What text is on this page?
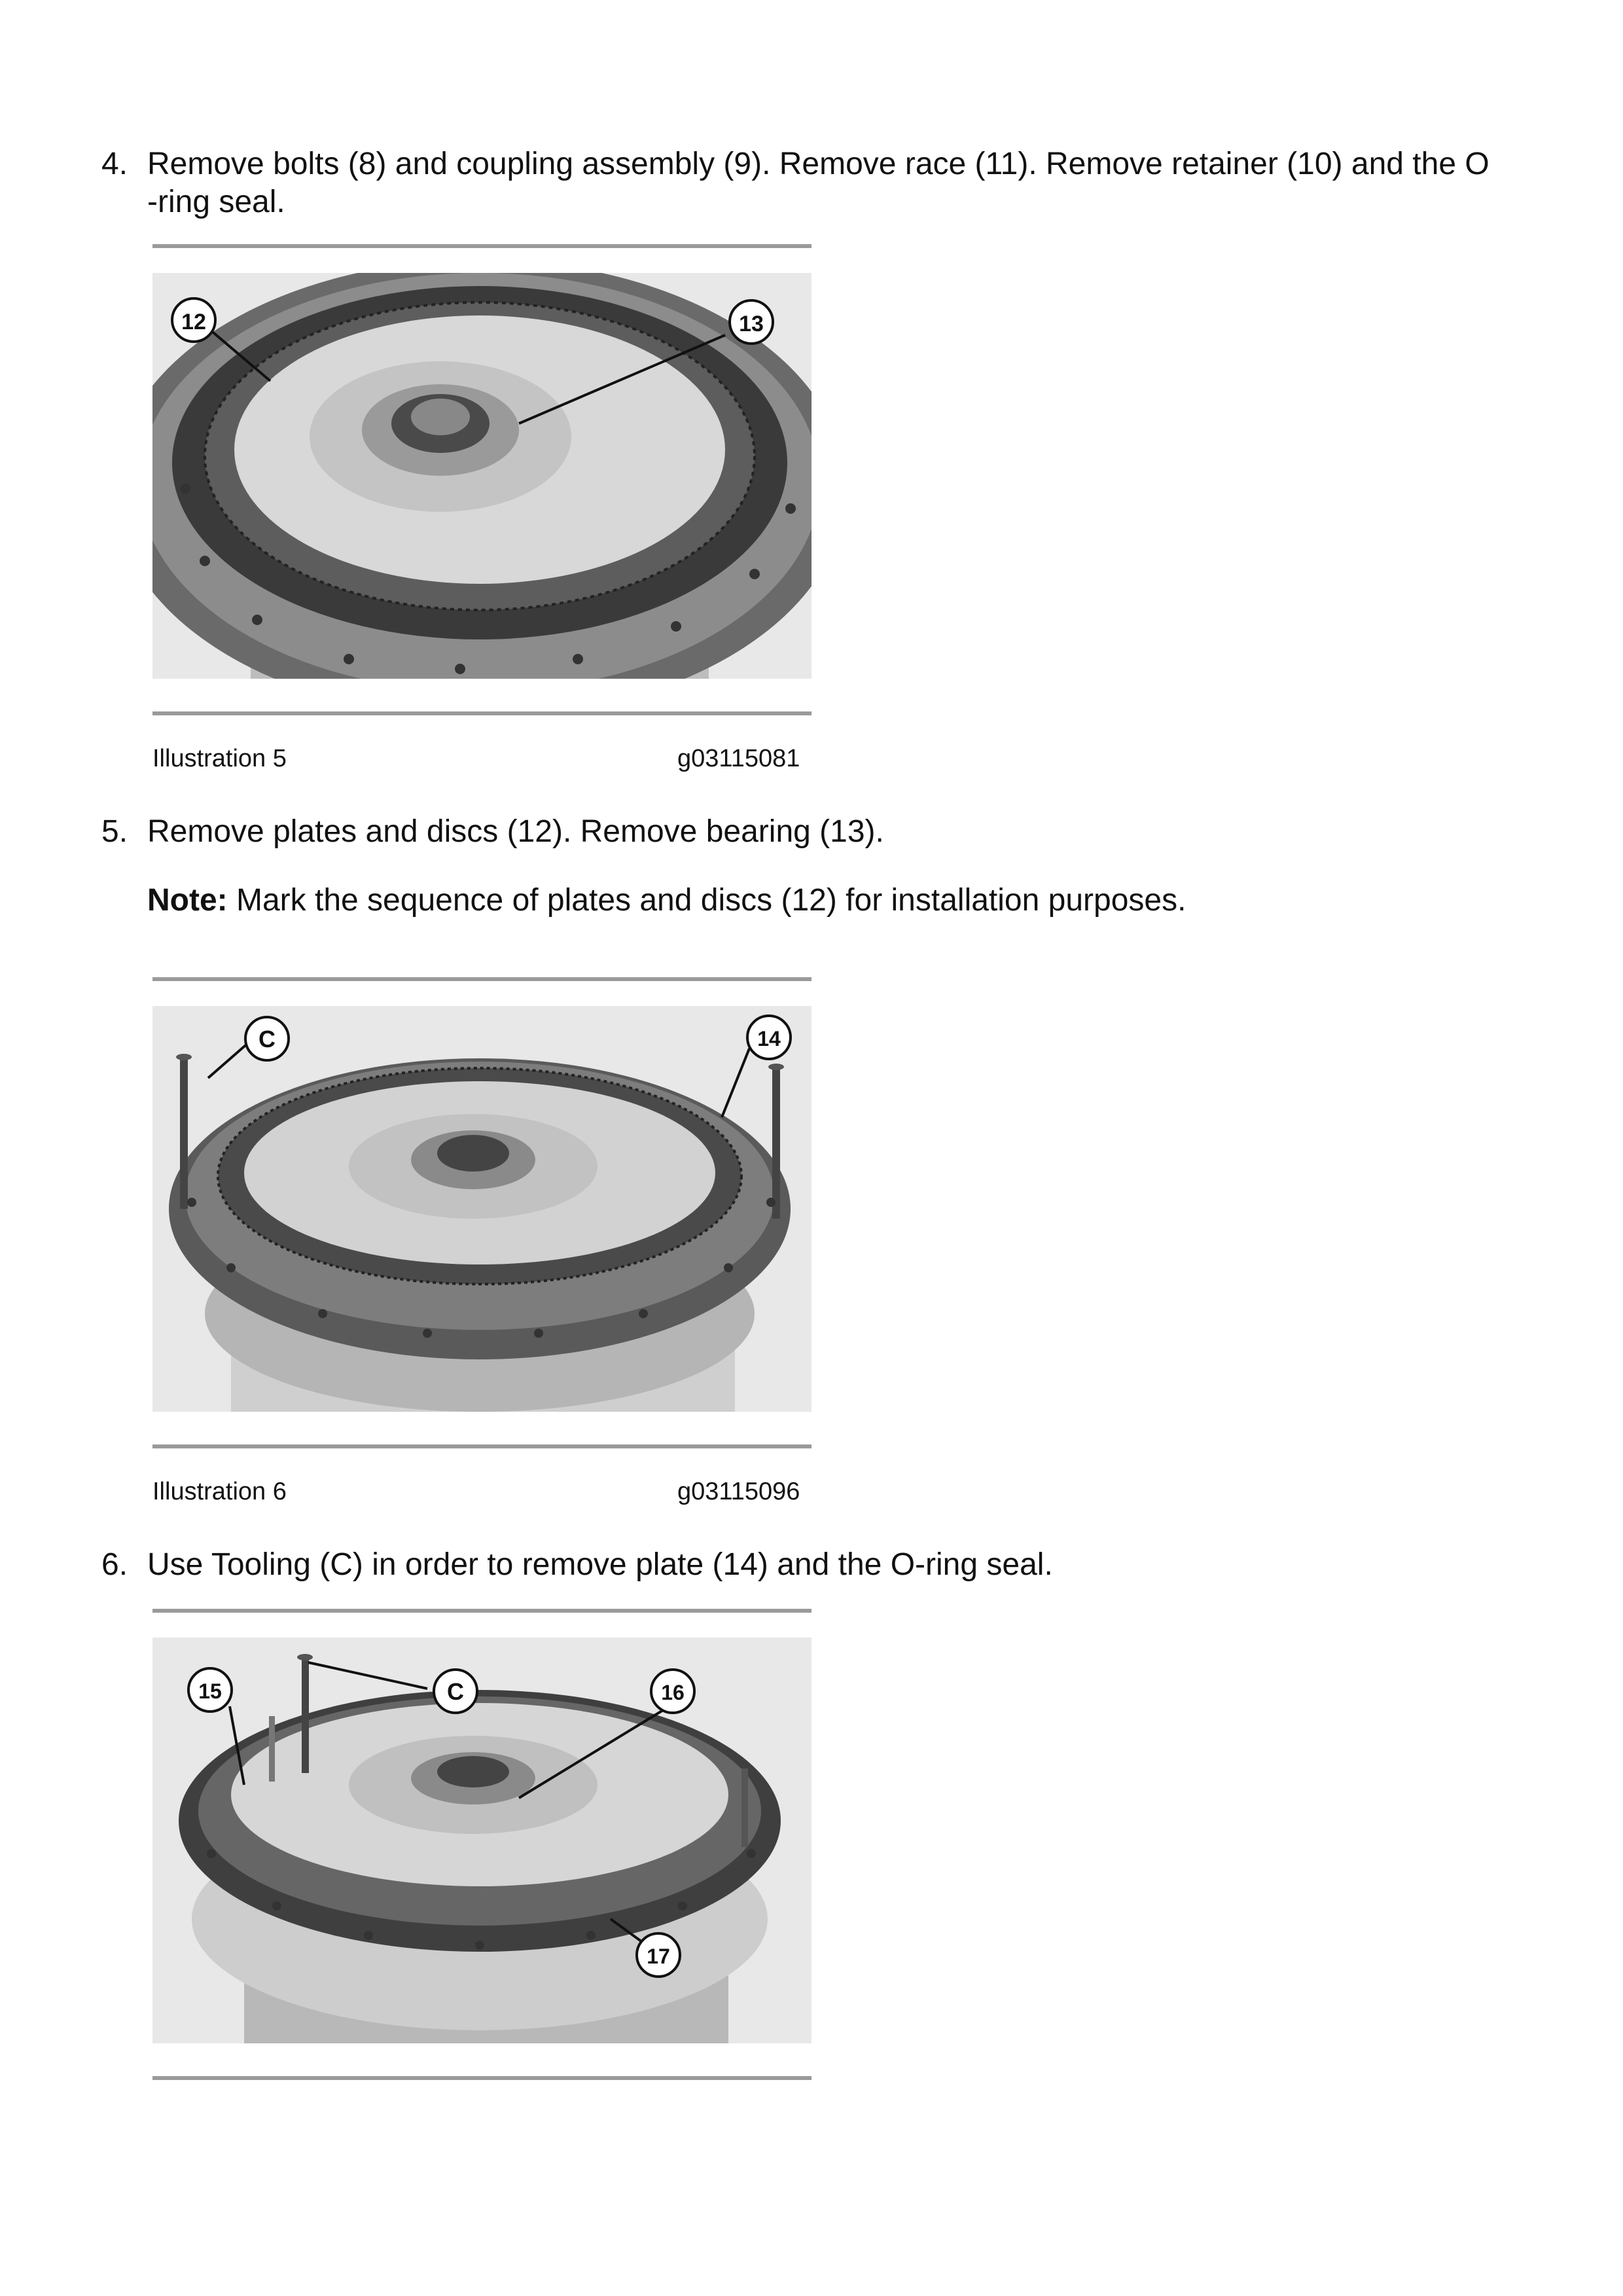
4. Remove bolts (8) and coupling assembly (9). Remove race (11). Remove retainer (10) and the O
-ring seal.
12	13
Illustration 5	g03115081
5. Remove plates and discs (12). Remove bearing (13).
Note: Mark the sequence of plates and discs (12) for installation purposes.
C	14
Illustration 6	g03115096
6. Use Tooling (C) in order to remove plate (14) and the O-ring seal.
15	C	16
17
